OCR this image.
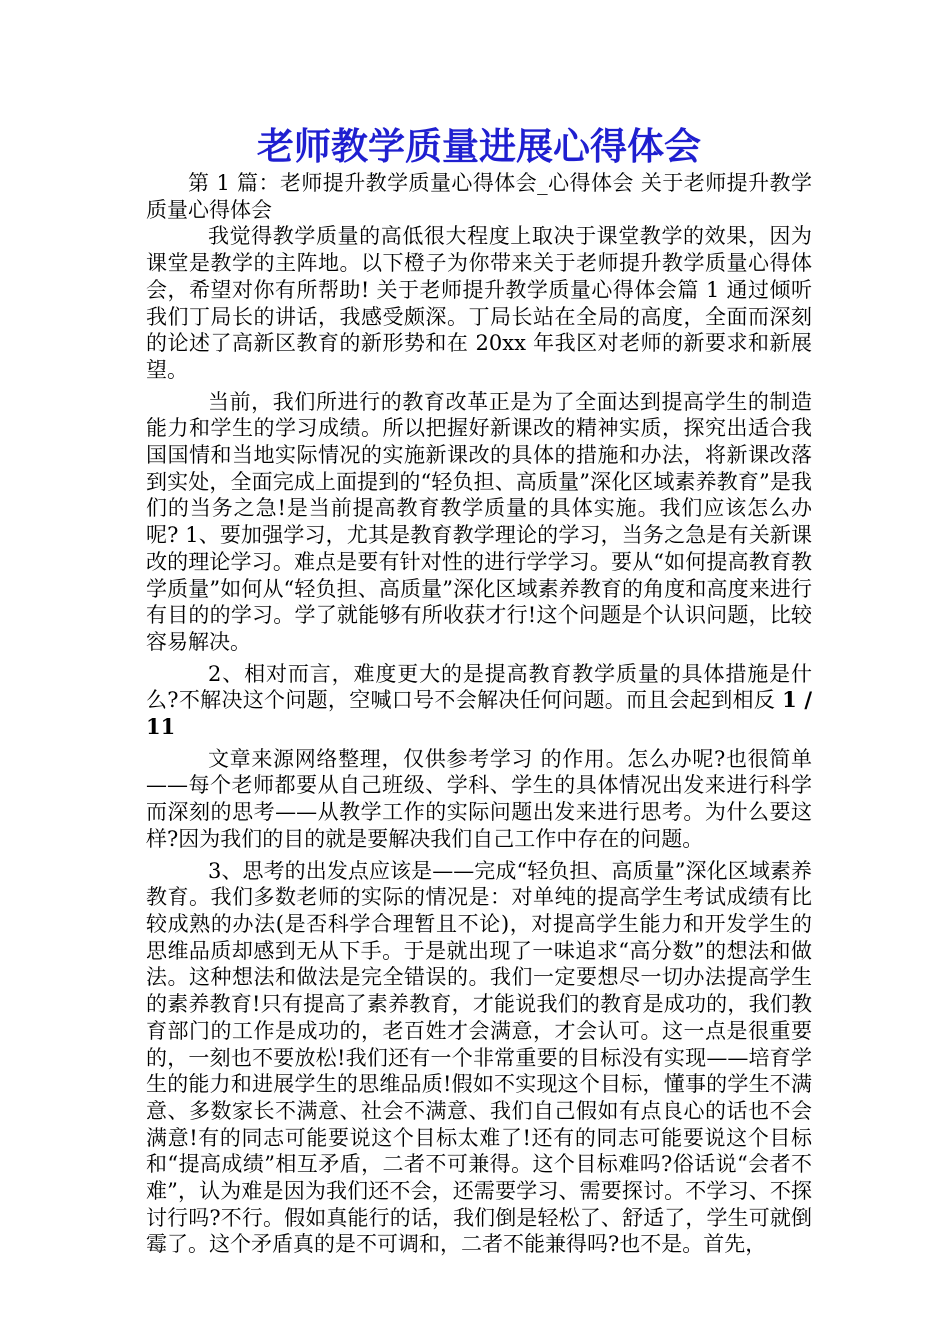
老师教学质量进展心得体会

第 1 篇：老师提升教学质量心得体会_心得体会 关于老师提升教学质量心得体会

我觉得教学质量的高低很大程度上取决于课堂教学的效果，因为课堂是教学的主阵地。以下橙子为你带来关于老师提升教学质量心得体会，希望对你有所帮助! 关于老师提升教学质量心得体会篇 1 通过倾听我们丁局长的讲话，我感受颇深。丁局长站在全局的高度，全面而深刻的论述了高新区教育的新形势和在 20xx 年我区对老师的新要求和新展望。

当前，我们所进行的教育改革正是为了全面达到提高学生的制造能力和学生的学习成绩。所以把握好新课改的精神实质，探究出适合我国国情和当地实际情况的实施新课改的具体的措施和办法，将新课改落到实处，全面完成上面提到的“轻负担、高质量”深化区域素养教育”是我们的当务之急!是当前提高教育教学质量的具体实施。我们应该怎么办呢? 1、要加强学习，尤其是教育教学理论的学习，当务之急是有关新课改的理论学习。难点是要有针对性的进行学学习。要从“如何提高教育教学质量”如何从“轻负担、高质量”深化区域素养教育的角度和高度来进行有目的的学习。学了就能够有所收获才行!这个问题是个认识问题，比较容易解决。

2、相对而言，难度更大的是提高教育教学质量的具体措施是什么?不解决这个问题，空喊口号不会解决任何问题。而且会起到相反 1 / 11

文章来源网络整理，仅供参考学习 的作用。怎么办呢?也很简单——每个老师都要从自己班级、学科、学生的具体情况出发来进行科学而深刻的思考——从教学工作的实际问题出发来进行思考。为什么要这样?因为我们的目的就是要解决我们自己工作中存在的问题。

3、思考的出发点应该是——完成“轻负担、高质量”深化区域素养教育。我们多数老师的实际的情况是：对单纯的提高学生考试成绩有比较成熟的办法(是否科学合理暂且不论)，对提高学生能力和开发学生的思维品质却感到无从下手。于是就出现了一味追求“高分数”的想法和做法。这种想法和做法是完全错误的。我们一定要想尽一切办法提高学生的素养教育!只有提高了素养教育，才能说我们的教育是成功的，我们教育部门的工作是成功的，老百姓才会满意，才会认可。这一点是很重要的，一刻也不要放松!我们还有一个非常重要的目标没有实现——培育学生的能力和进展学生的思维品质!假如不实现这个目标，懂事的学生不满意、多数家长不满意、社会不满意、我们自己假如有点良心的话也不会满意!有的同志可能要说这个目标太难了!还有的同志可能要说这个目标和“提高成绩”相互矛盾，二者不可兼得。这个目标难吗?俗话说“会者不难”，认为难是因为我们还不会，还需要学习、需要探讨。不学习、不探讨行吗?不行。假如真能行的话，我们倒是轻松了、舒适了，学生可就倒霉了。这个矛盾真的是不可调和，二者不能兼得吗?也不是。首先，
